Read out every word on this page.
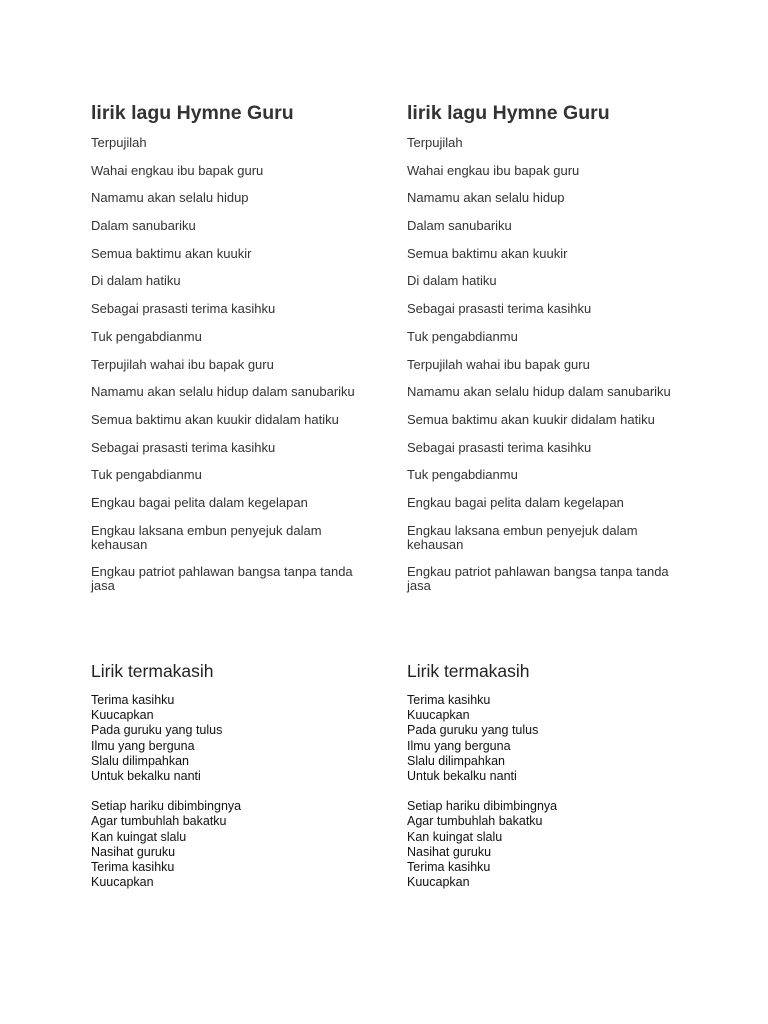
lirik lagu Hymne Guru
Terpujilah
Wahai engkau ibu bapak guru
Namamu akan selalu hidup
Dalam sanubariku
Semua baktimu akan kuukir
Di dalam hatiku
Sebagai prasasti terima kasihku
Tuk pengabdianmu
Terpujilah wahai ibu bapak guru
Namamu akan selalu hidup dalam sanubariku
Semua baktimu akan kuukir didalam hatiku
Sebagai prasasti terima kasihku
Tuk pengabdianmu
Engkau bagai pelita dalam kegelapan
Engkau laksana embun penyejuk dalam kehausan
Engkau patriot pahlawan bangsa tanpa tanda jasa
lirik lagu Hymne Guru
Terpujilah
Wahai engkau ibu bapak guru
Namamu akan selalu hidup
Dalam sanubariku
Semua baktimu akan kuukir
Di dalam hatiku
Sebagai prasasti terima kasihku
Tuk pengabdianmu
Terpujilah wahai ibu bapak guru
Namamu akan selalu hidup dalam sanubariku
Semua baktimu akan kuukir didalam hatiku
Sebagai prasasti terima kasihku
Tuk pengabdianmu
Engkau bagai pelita dalam kegelapan
Engkau laksana embun penyejuk dalam kehausan
Engkau patriot pahlawan bangsa tanpa tanda jasa
Lirik termakasih
Terima kasihku
Kuucapkan
Pada guruku yang tulus
Ilmu yang berguna
Slalu dilimpahkan
Untuk bekalku nanti
Setiap hariku dibimbingnya
Agar tumbuhlah bakatku
Kan kuingat slalu
Nasihat guruku
Terima kasihku
Kuucapkan
Lirik termakasih
Terima kasihku
Kuucapkan
Pada guruku yang tulus
Ilmu yang berguna
Slalu dilimpahkan
Untuk bekalku nanti
Setiap hariku dibimbingnya
Agar tumbuhlah bakatku
Kan kuingat slalu
Nasihat guruku
Terima kasihku
Kuucapkan
